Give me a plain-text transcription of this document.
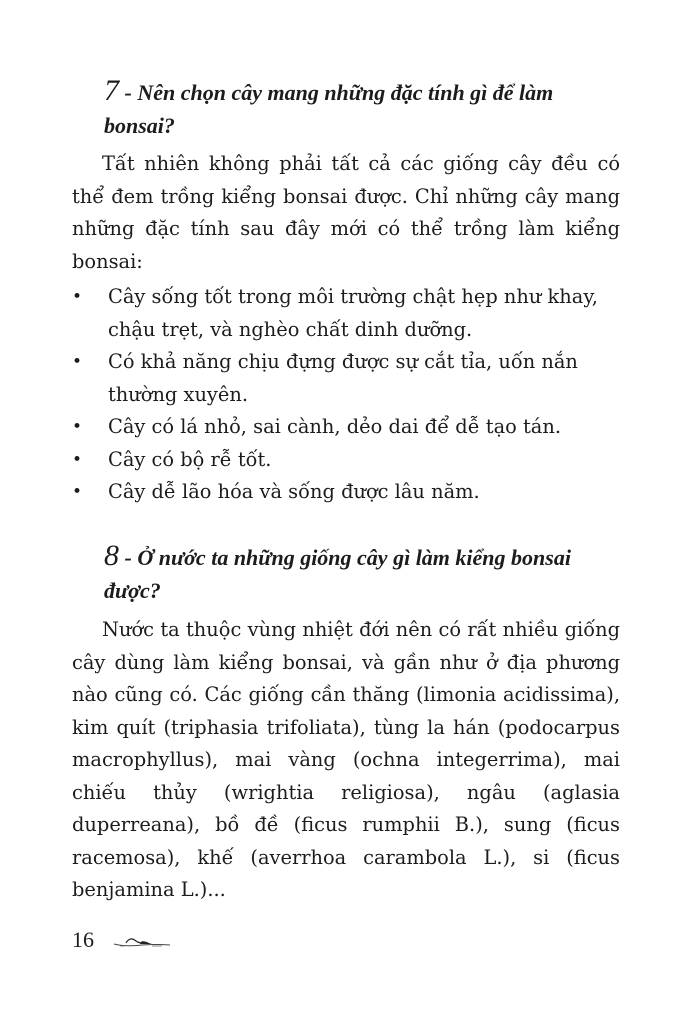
7 - Nên chọn cây mang những đặc tính gì để làm bonsai?

Tất nhiên không phải tất cả các giống cây đều có thể đem trồng kiểng bonsai được. Chỉ những cây mang những đặc tính sau đây mới có thể trồng làm kiểng bonsai:

•	Cây sống tốt trong môi trường chật hẹp như khay, chậu trẹt, và nghèo chất dinh dưỡng.
•	Có khả năng chịu đựng được sự cắt tỉa, uốn nắn thường xuyên.
•	Cây có lá nhỏ, sai cành, dẻo dai để dễ tạo tán.
•	Cây có bộ rễ tốt.
•	Cây dễ lão hóa và sống được lâu năm.
8 - Ở nước ta những giống cây gì làm kiểng bonsai được?

Nước ta thuộc vùng nhiệt đới nên có rất nhiều giống cây dùng làm kiểng bonsai, và gần như ở địa phương nào cũng có. Các giống cần thăng (limonia acidissima), kim quít (triphasia trifoliata), tùng la hán (podocarpus macrophyllus), mai vàng (ochna integerrima), mai chiếu thủy (wrightia religiosa), ngâu (aglasia duperreana), bồ đề (ficus rumphii B.), sung (ficus racemosa), khế (averrhoa carambola L.), si (ficus benjamina L.)...

16
